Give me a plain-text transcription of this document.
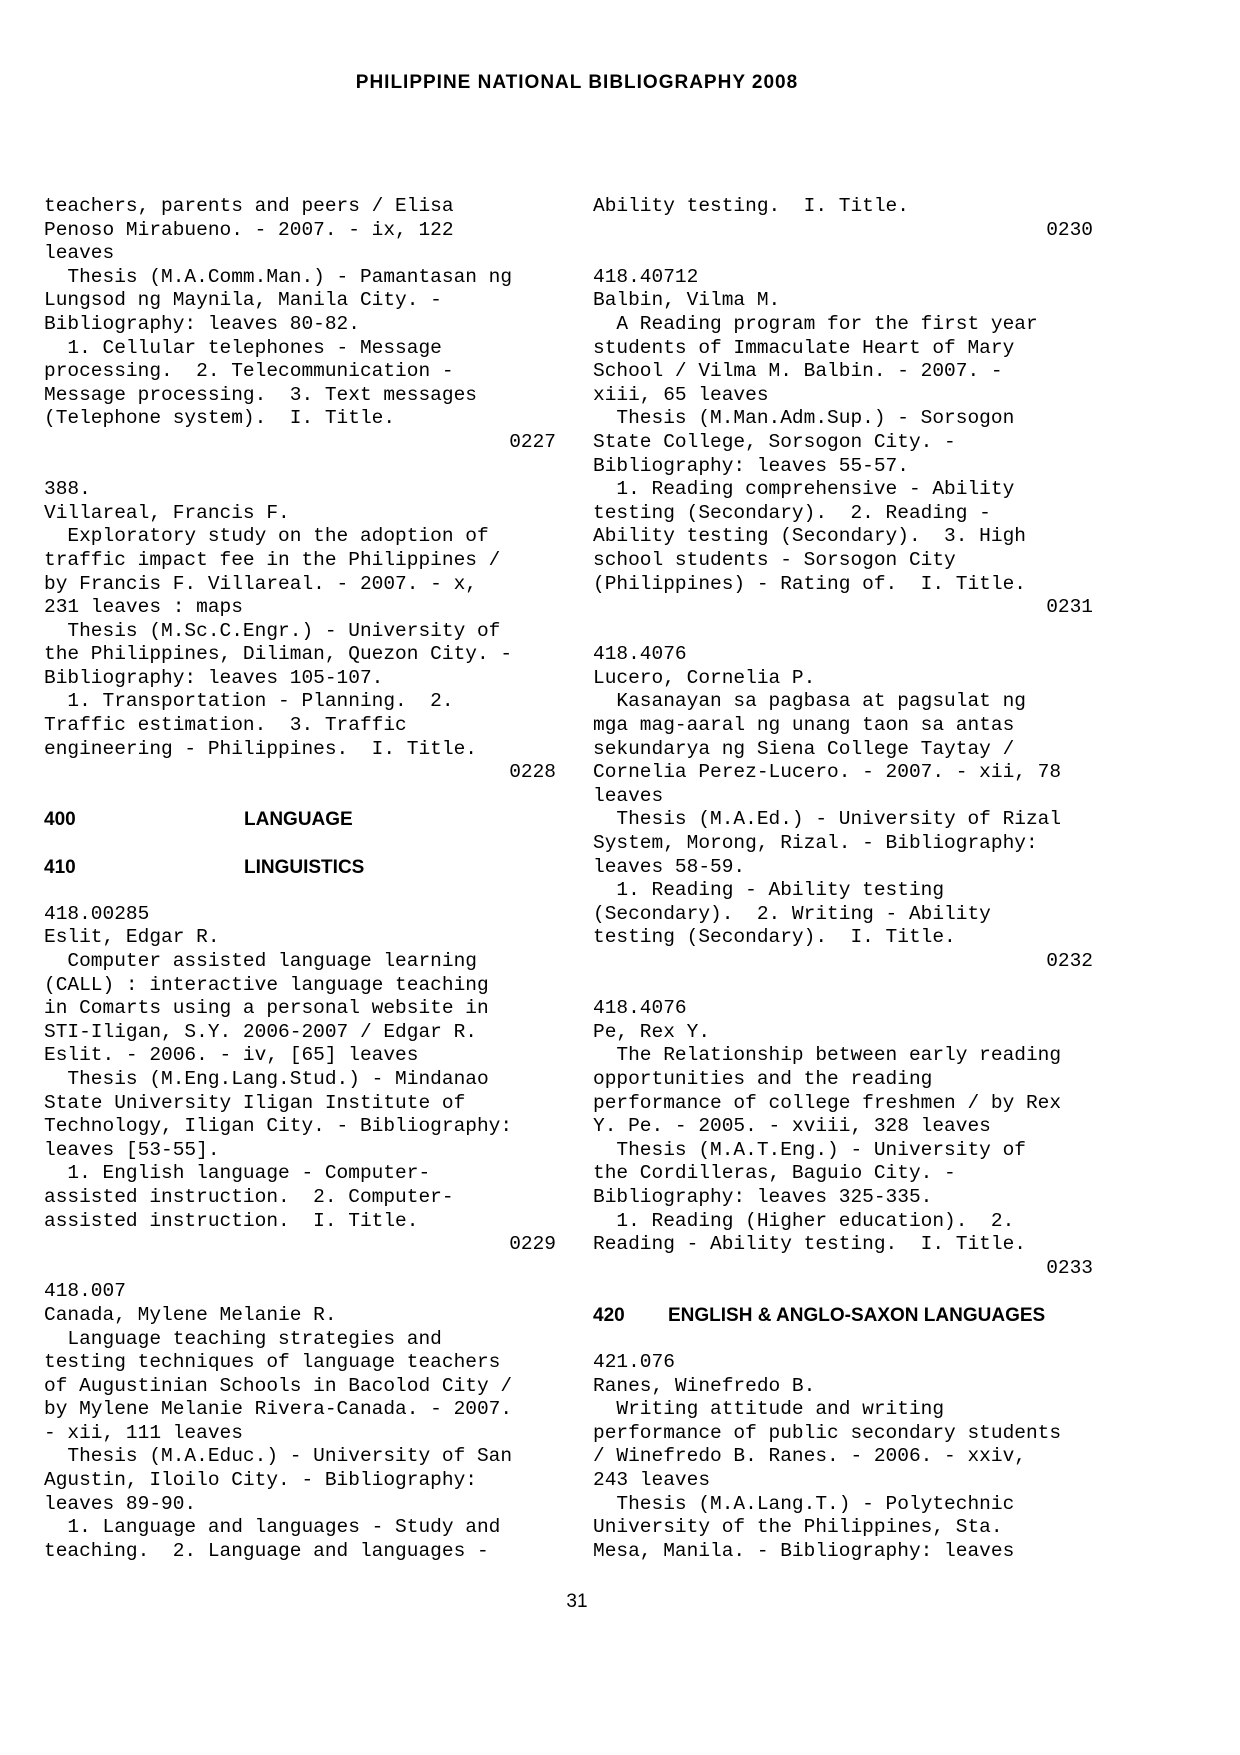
PHILIPPINE NATIONAL BIBLIOGRAPHY 2008
teachers, parents and peers / Elisa
Penoso Mirabueno. - 2007. - ix, 122
leaves
Thesis (M.A.Comm.Man.) - Pamantasan ng
Lungsod ng Maynila, Manila City. -
Bibliography: leaves 80-82.
1. Cellular telephones - Message
processing.  2. Telecommunication -
Message processing.  3. Text messages
(Telephone system).  I. Title.
0227
388.
Villareal, Francis F.
Exploratory study on the adoption of
traffic impact fee in the Philippines /
by Francis F. Villareal. - 2007. - x,
231 leaves : maps
Thesis (M.Sc.C.Engr.) - University of
the Philippines, Diliman, Quezon City. -
Bibliography: leaves 105-107.
1. Transportation - Planning.  2.
Traffic estimation.  3. Traffic
engineering - Philippines.  I. Title.
0228
400	LANGUAGE
410	LINGUISTICS
418.00285
Eslit, Edgar R.
Computer assisted language learning
(CALL) : interactive language teaching
in Comarts using a personal website in
STI-Iligan, S.Y. 2006-2007 / Edgar R.
Eslit. - 2006. - iv, [65] leaves
Thesis (M.Eng.Lang.Stud.) - Mindanao
State University Iligan Institute of
Technology, Iligan City. - Bibliography:
leaves [53-55].
1. English language - Computer-
assisted instruction.  2. Computer-
assisted instruction.  I. Title.
0229
418.007
Canada, Mylene Melanie R.
Language teaching strategies and
testing techniques of language teachers
of Augustinian Schools in Bacolod City /
by Mylene Melanie Rivera-Canada. - 2007.
- xii, 111 leaves
Thesis (M.A.Educ.) - University of San
Agustin, Iloilo City. - Bibliography:
leaves 89-90.
1. Language and languages - Study and
teaching.  2. Language and languages -
Ability testing.  I. Title.
0230
418.40712
Balbin, Vilma M.
A Reading program for the first year
students of Immaculate Heart of Mary
School / Vilma M. Balbin. - 2007. -
xiii, 65 leaves
Thesis (M.Man.Adm.Sup.) - Sorsogon
State College, Sorsogon City. -
Bibliography: leaves 55-57.
1. Reading comprehensive - Ability
testing (Secondary).  2. Reading -
Ability testing (Secondary).  3. High
school students - Sorsogon City
(Philippines) - Rating of.  I. Title.
0231
418.4076
Lucero, Cornelia P.
Kasanayan sa pagbasa at pagsulat ng
mga mag-aaral ng unang taon sa antas
sekundarya ng Siena College Taytay /
Cornelia Perez-Lucero. - 2007. - xii, 78
leaves
Thesis (M.A.Ed.) - University of Rizal
System, Morong, Rizal. - Bibliography:
leaves 58-59.
1. Reading - Ability testing
(Secondary).  2. Writing - Ability
testing (Secondary).  I. Title.
0232
418.4076
Pe, Rex Y.
The Relationship between early reading
opportunities and the reading
performance of college freshmen / by Rex
Y. Pe. - 2005. - xviii, 328 leaves
Thesis (M.A.T.Eng.) - University of
the Cordilleras, Baguio City. -
Bibliography: leaves 325-335.
1. Reading (Higher education).  2.
Reading - Ability testing.  I. Title.
0233
420 ENGLISH & ANGLO-SAXON LANGUAGES
421.076
Ranes, Winefredo B.
Writing attitude and writing
performance of public secondary students
/ Winefredo B. Ranes. - 2006. - xxiv,
243 leaves
Thesis (M.A.Lang.T.) - Polytechnic
University of the Philippines, Sta.
Mesa, Manila. - Bibliography: leaves
31
